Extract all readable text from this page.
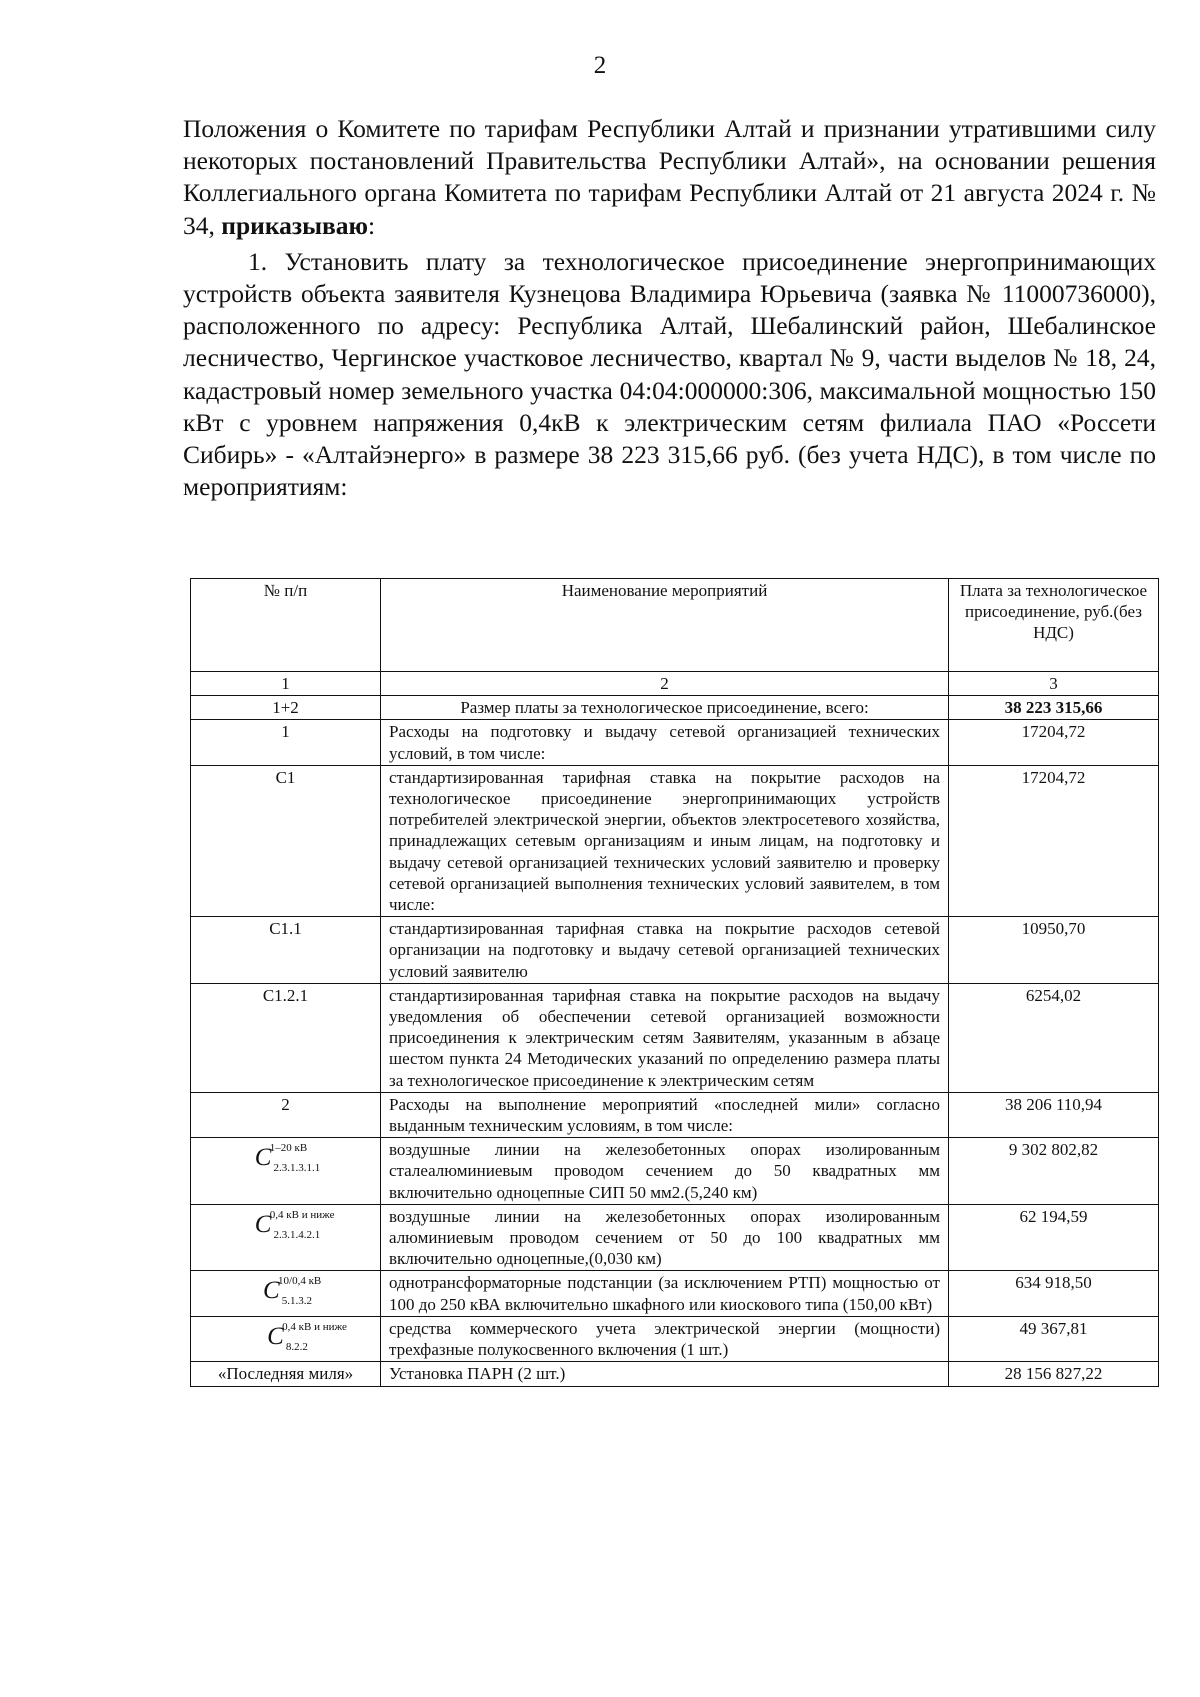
2

Положения о Комитете по тарифам Республики Алтай и признании утратившими силу некоторых постановлений Правительства Республики Алтай», на основании решения Коллегиального органа Комитета по тарифам Республики Алтай от 21 августа 2024 г. № 34, приказываю:

1. Установить плату за технологическое присоединение энергопринимающих устройств объекта заявителя Кузнецова Владимира Юрьевича (заявка № 11000736000), расположенного по адресу: Республика Алтай, Шебалинский район, Шебалинское лесничество, Чергинское участковое лесничество, квартал № 9, части выделов № 18, 24, кадастровый номер земельного участка 04:04:000000:306, максимальной мощностью 150 кВт с уровнем напряжения 0,4кВ к электрическим сетям филиала ПАО «Россети Сибирь» - «Алтайэнерго» в размере 38 223 315,66 руб. (без учета НДС), в том числе по мероприятиям:

№ п/п	Наименование мероприятий	Плата за технологическое присоединение, руб.(без НДС)
1	2	3
1+2	Размер платы за технологическое присоединение, всего:	38 223 315,66
1	Расходы на подготовку и выдачу сетевой организацией технических условий, в том числе:	17204,72
C1	стандартизированная тарифная ставка на покрытие расходов на технологическое присоединение энергопринимающих устройств потребителей электрической энергии, объектов электросетевого хозяйства, принадлежащих сетевым организациям и иным лицам, на подготовку и выдачу сетевой организацией технических условий заявителю и проверку сетевой организацией выполнения технических условий заявителем, в том числе:	17204,72
C1.1	стандартизированная тарифная ставка на покрытие расходов сетевой организации на подготовку и выдачу сетевой организацией технических условий заявителю	10950,70
C1.2.1	стандартизированная тарифная ставка на покрытие расходов на выдачу уведомления об обеспечении сетевой организацией возможности присоединения к электрическим сетям Заявителям, указанным в абзаце шестом пункта 24 Методических указаний по определению размера платы за технологическое присоединение к электрическим сетям	6254,02
2	Расходы на выполнение мероприятий «последней мили» согласно выданным техническим условиям, в том числе:	38 206 110,94
C
1–20 кВ
$_{2.3.1.3.1.1}$	воздушные линии на железобетонных опорах изолированным сталеалюминиевым проводом сечением до 50 квадратных мм включительно одноцепные СИП 50 мм2.(5,240 км)	9 302 802,82
C
0,4 кВ и ниже
$_{2.3.1.4.2.1}$	воздушные линии на железобетонных опорах изолированным алюминиевым проводом сечением от 50 до 100 квадратных мм включительно одноцепные,(0,030 км)	62 194,59
C
10/0,4 кВ
$_{5.1.3.2}$	однотрансформаторные подстанции (за исключением РТП) мощностью от 100 до 250 кВА включительно шкафного или киоскового типа (150,00 кВт)	634 918,50
C
0,4 кВ и ниже
$_{8.2.2}$	средства коммерческого учета электрической энергии (мощности) трехфазные полукосвенного включения (1 шт.)	49 367,81
«Последняя миля»	Установка ПАРН (2 шт.)	28 156 827,22
